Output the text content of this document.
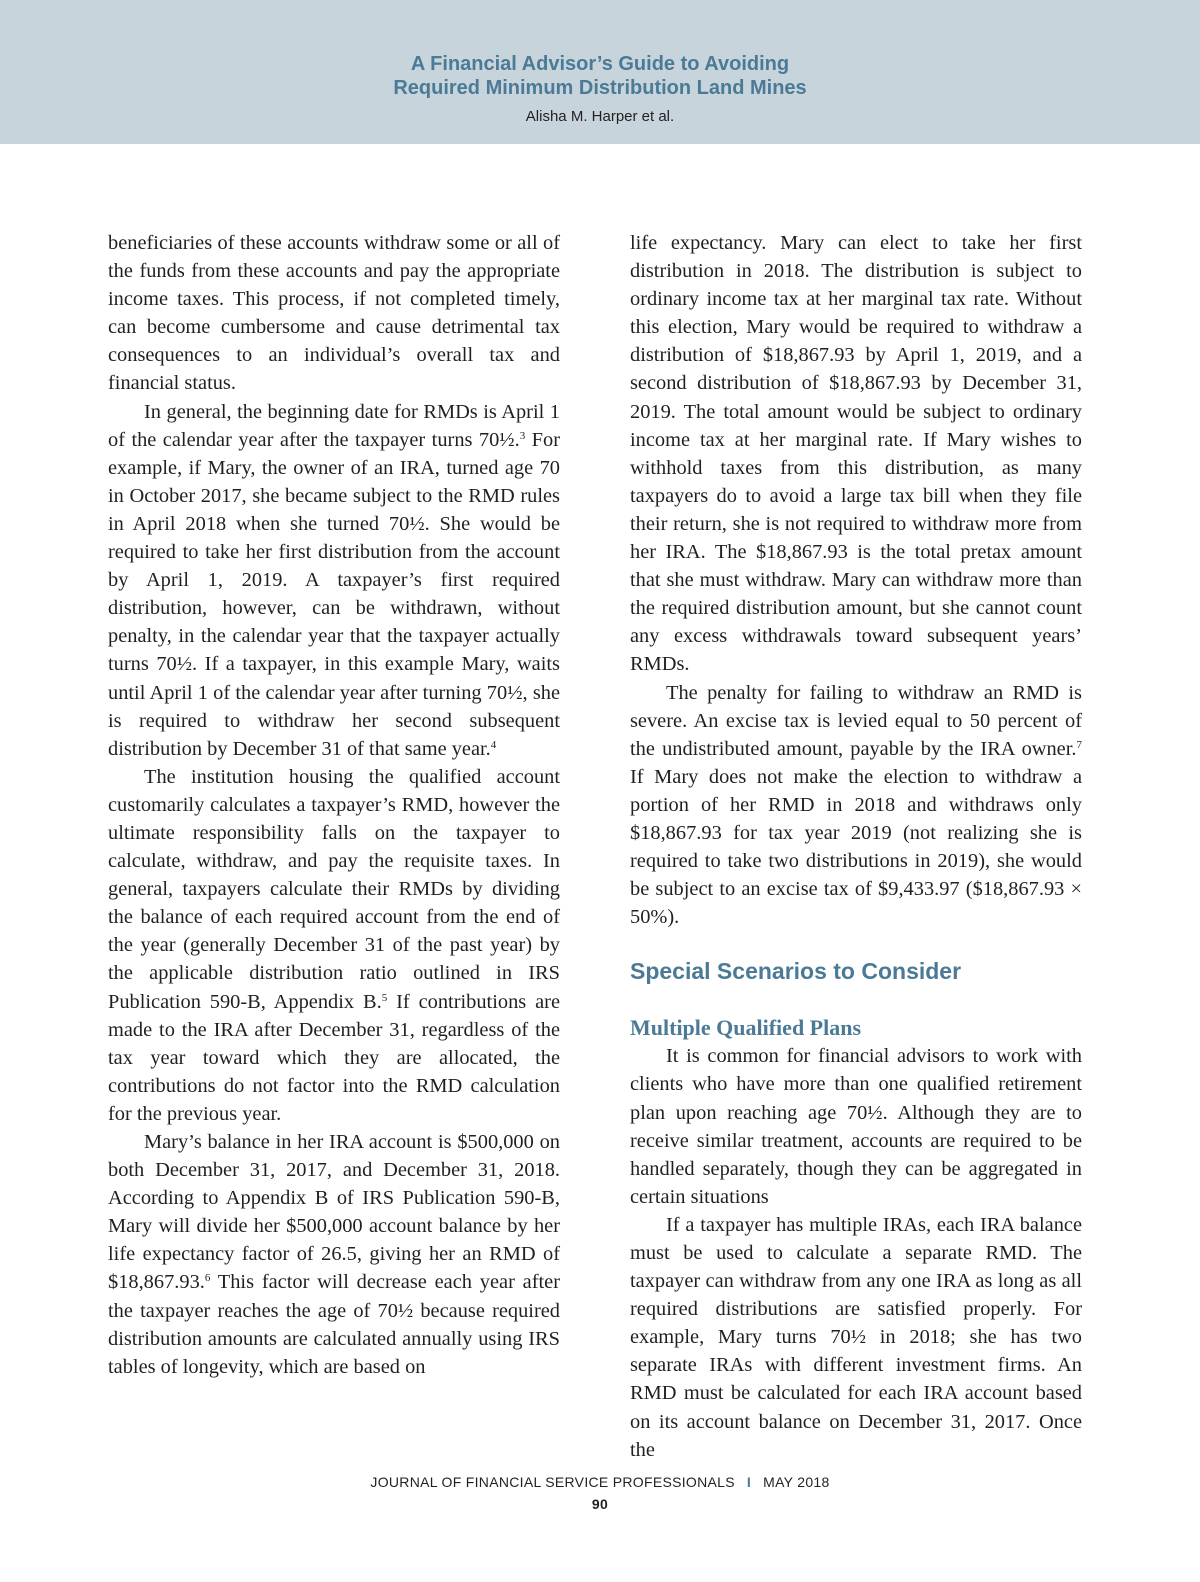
A Financial Advisor’s Guide to Avoiding
Required Minimum Distribution Land Mines
Alisha M. Harper et al.

beneficiaries of these accounts withdraw some or all of the funds from these accounts and pay the appropriate income taxes. This process, if not completed timely, can become cumbersome and cause detrimental tax consequences to an individual’s overall tax and financial status.

In general, the beginning date for RMDs is April 1 of the calendar year after the taxpayer turns 70½.$^3$ For example, if Mary, the owner of an IRA, turned age 70 in October 2017, she became subject to the RMD rules in April 2018 when she turned 70½. She would be required to take her first distribution from the account by April 1, 2019. A taxpayer’s first required distribution, however, can be withdrawn, without penalty, in the calendar year that the taxpayer actually turns 70½. If a taxpayer, in this example Mary, waits until April 1 of the calendar year after turning 70½, she is required to withdraw her second subsequent distribution by December 31 of that same year.$^4$

The institution housing the qualified account customarily calculates a taxpayer’s RMD, however the ultimate responsibility falls on the taxpayer to calculate, withdraw, and pay the requisite taxes. In general, taxpayers calculate their RMDs by dividing the balance of each required account from the end of the year (generally December 31 of the past year) by the applicable distribution ratio outlined in IRS Publication 590-B, Appendix B.$^5$ If contributions are made to the IRA after December 31, regardless of the tax year toward which they are allocated, the contributions do not factor into the RMD calculation for the previous year.

Mary’s balance in her IRA account is $500,000 on both December 31, 2017, and December 31, 2018. According to Appendix B of IRS Publication 590-B, Mary will divide her $500,000 account balance by her life expectancy factor of 26.5, giving her an RMD of $18,867.93.$^6$ This factor will decrease each year after the taxpayer reaches the age of 70½ because required distribution amounts are calculated annually using IRS tables of longevity, which are based on

life expectancy. Mary can elect to take her first distribution in 2018. The distribution is subject to ordinary income tax at her marginal tax rate. Without this election, Mary would be required to withdraw a distribution of $18,867.93 by April 1, 2019, and a second distribution of $18,867.93 by December 31, 2019. The total amount would be subject to ordinary income tax at her marginal rate. If Mary wishes to withhold taxes from this distribution, as many taxpayers do to avoid a large tax bill when they file their return, she is not required to withdraw more from her IRA. The $18,867.93 is the total pretax amount that she must withdraw. Mary can withdraw more than the required distribution amount, but she cannot count any excess withdrawals toward subsequent years’ RMDs.

The penalty for failing to withdraw an RMD is severe. An excise tax is levied equal to 50 percent of the undistributed amount, payable by the IRA owner.$^7$ If Mary does not make the election to withdraw a portion of her RMD in 2018 and withdraws only $18,867.93 for tax year 2019 (not realizing she is required to take two distributions in 2019), she would be subject to an excise tax of $9,433.97 ($18,867.93 × 50%).

Special Scenarios to Consider
Multiple Qualified Plans

It is common for financial advisors to work with clients who have more than one qualified retirement plan upon reaching age 70½. Although they are to receive similar treatment, accounts are required to be handled separately, though they can be aggregated in certain situations

If a taxpayer has multiple IRAs, each IRA balance must be used to calculate a separate RMD. The taxpayer can withdraw from any one IRA as long as all required distributions are satisfied properly. For example, Mary turns 70½ in 2018; she has two separate IRAs with different investment firms. An RMD must be calculated for each IRA account based on its account balance on December 31, 2017. Once the

JOURNAL OF FINANCIAL SERVICE PROFESSIONALS I MAY 2018
90
